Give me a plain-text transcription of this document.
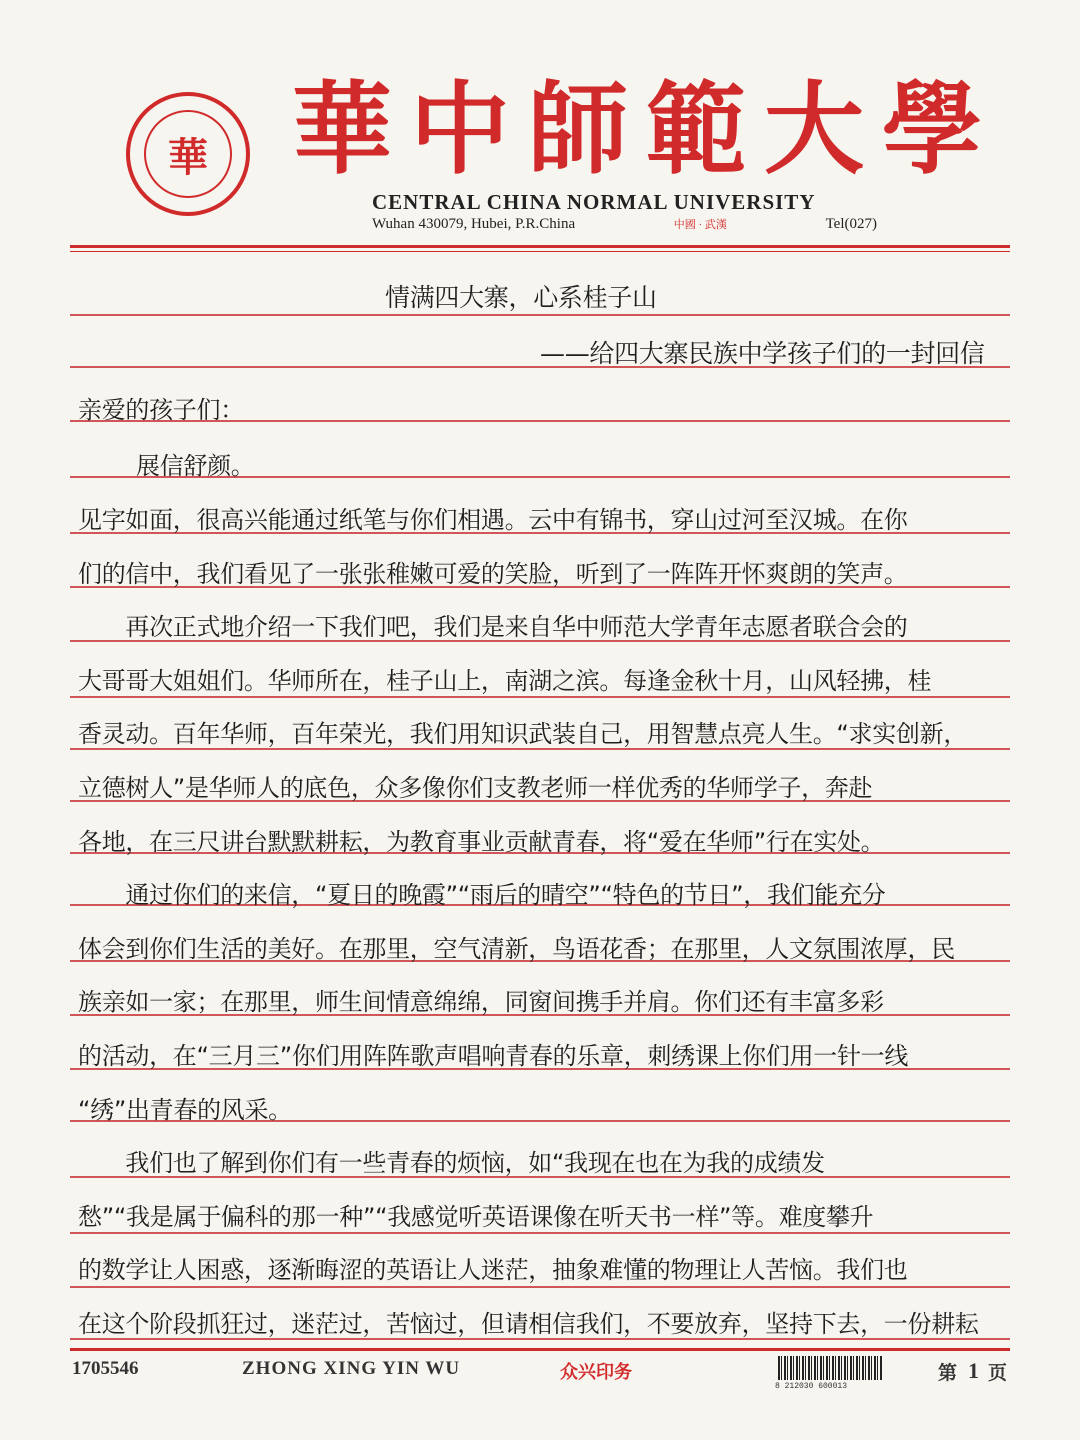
華 華 中 師 範 大 學
CENTRAL CHINA NORMAL UNIVERSITY
Wuhan 430079, Hubei, P.R.China	中國 · 武漢	Tel(027)
情满四大寨，心系桂子山
——给四大寨民族中学孩子们的一封回信
亲爱的孩子们：
展信舒颜。
见字如面，很高兴能通过纸笔与你们相遇。云中有锦书，穿山过河至汉城。在你
们的信中，我们看见了一张张稚嫩可爱的笑脸，听到了一阵阵开怀爽朗的笑声。
　　再次正式地介绍一下我们吧，我们是来自华中师范大学青年志愿者联合会的
大哥哥大姐姐们。华师所在，桂子山上，南湖之滨。每逢金秋十月，山风轻拂，桂
香灵动。百年华师，百年荣光，我们用知识武装自己，用智慧点亮人生。“求实创新，
立德树人”是华师人的底色，众多像你们支教老师一样优秀的华师学子，奔赴
各地，在三尺讲台默默耕耘，为教育事业贡献青春，将“爱在华师”行在实处。
　　通过你们的来信，“夏日的晚霞”“雨后的晴空”“特色的节日”，我们能充分
体会到你们生活的美好。在那里，空气清新，鸟语花香；在那里，人文氛围浓厚，民
族亲如一家；在那里，师生间情意绵绵，同窗间携手并肩。你们还有丰富多彩
的活动，在“三月三”你们用阵阵歌声唱响青春的乐章，刺绣课上你们用一针一线
“绣”出青春的风采。
　　我们也了解到你们有一些青春的烦恼，如“我现在也在为我的成绩发
愁”“我是属于偏科的那一种”“我感觉听英语课像在听天书一样”等。难度攀升
的数学让人困惑，逐渐晦涩的英语让人迷茫，抽象难懂的物理让人苦恼。我们也
在这个阶段抓狂过，迷茫过，苦恼过，但请相信我们，不要放弃，坚持下去，一份耕耘
1705546	ZHONG XING YIN WU	众兴印务
8 212030 600013
第 1 页
